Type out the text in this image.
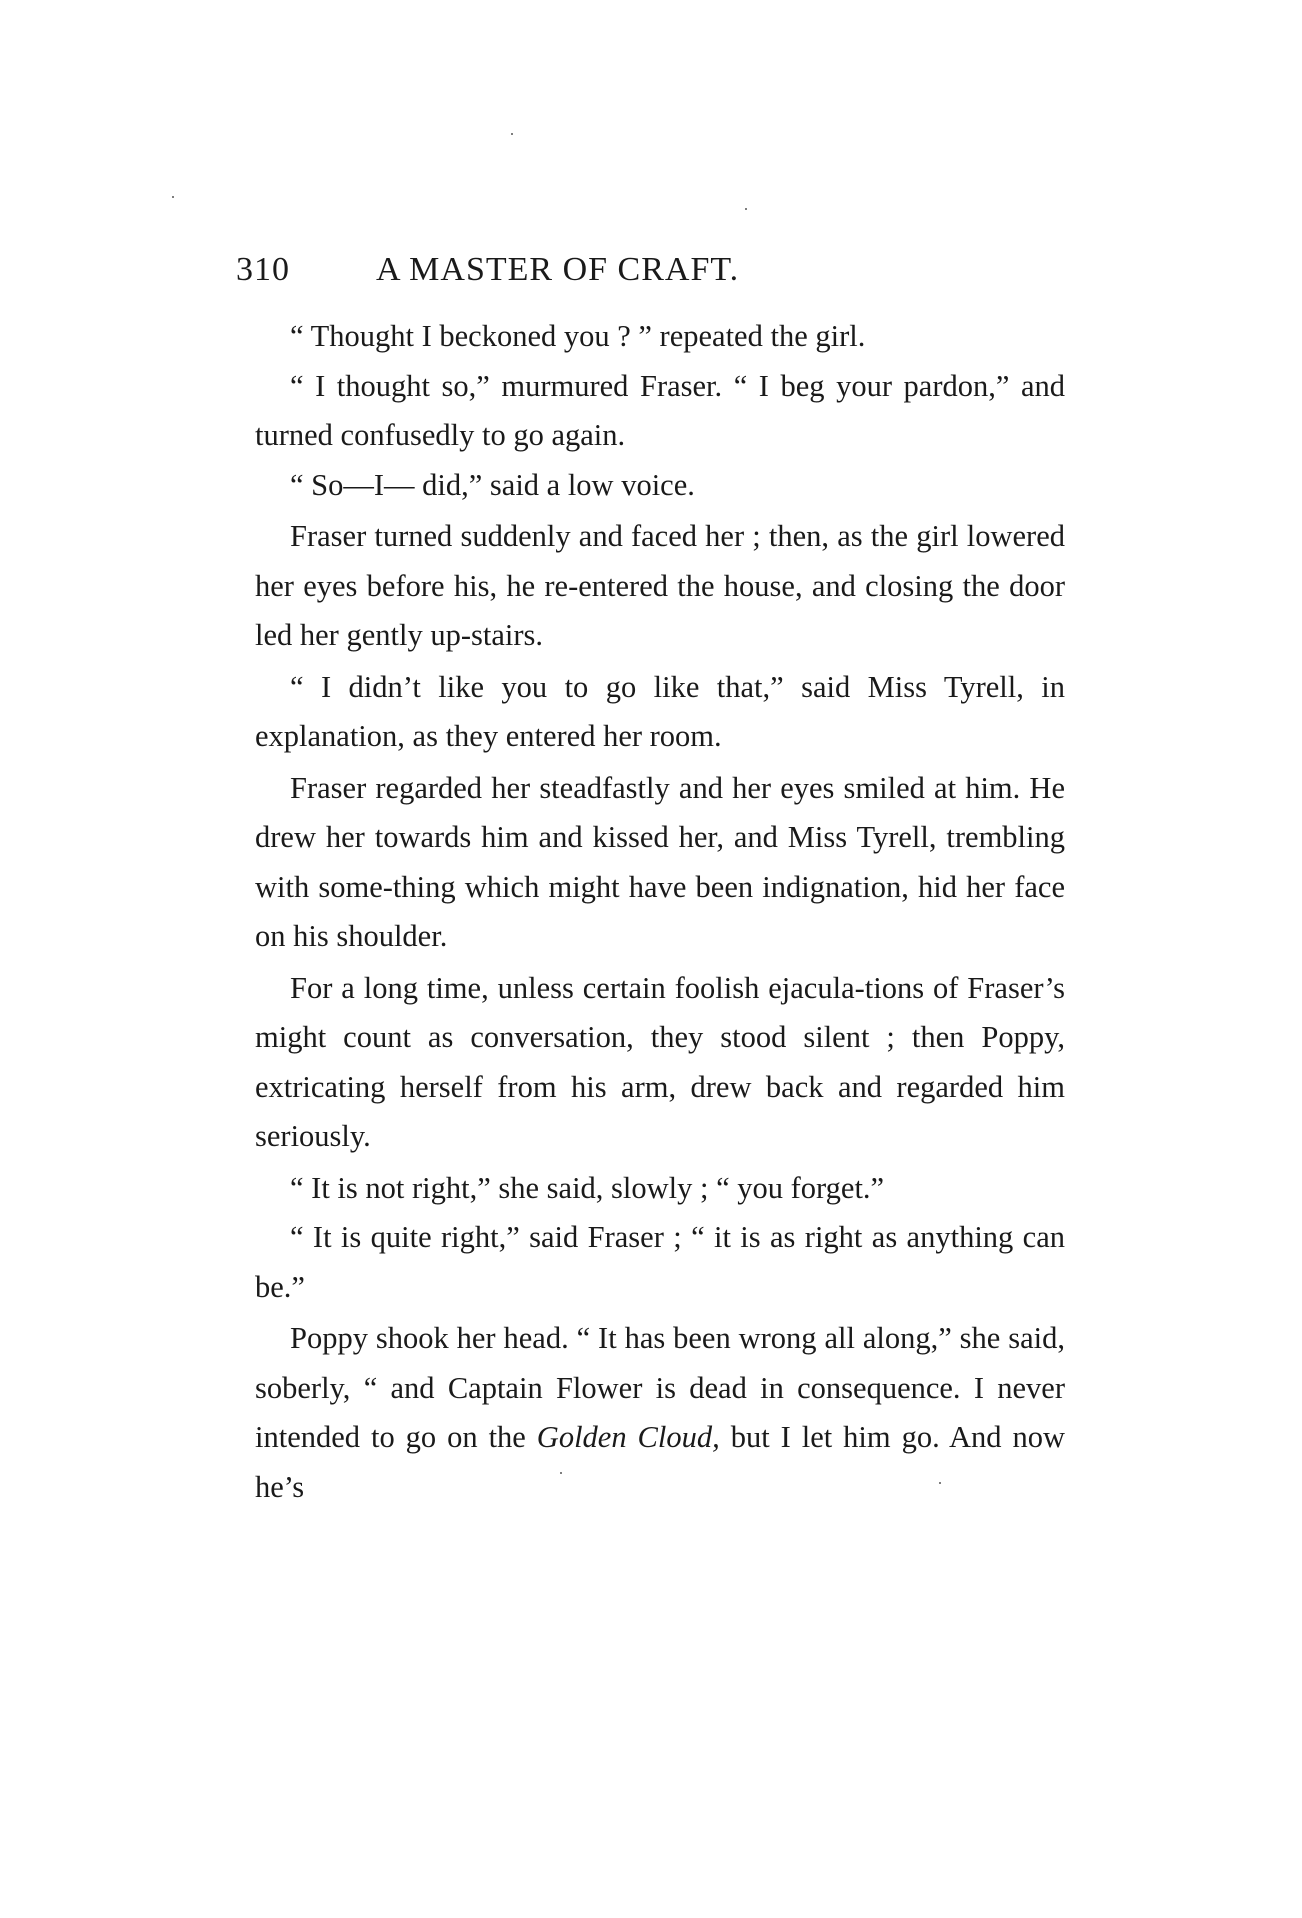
310	A MASTER OF CRAFT.

“ Thought I beckoned you ? ” repeated the girl.

“ I thought so,” murmured Fraser. “ I beg your pardon,” and turned confusedly to go again.

“ So—I— did,” said a low voice.

Fraser turned suddenly and faced her ; then, as the girl lowered her eyes before his, he re-entered the house, and closing the door led her gently up-stairs.

“ I didn’t like you to go like that,” said Miss Tyrell, in explanation, as they entered her room.

Fraser regarded her steadfastly and her eyes smiled at him. He drew her towards him and kissed her, and Miss Tyrell, trembling with some-thing which might have been indignation, hid her face on his shoulder.

For a long time, unless certain foolish ejacula-tions of Fraser’s might count as conversation, they stood silent ; then Poppy, extricating herself from his arm, drew back and regarded him seriously.

“ It is not right,” she said, slowly ; “ you forget.”

“ It is quite right,” said Fraser ; “ it is as right as anything can be.”

Poppy shook her head. “ It has been wrong all along,” she said, soberly, “ and Captain Flower is dead in consequence. I never intended to go on the Golden Cloud, but I let him go. And now he’s
